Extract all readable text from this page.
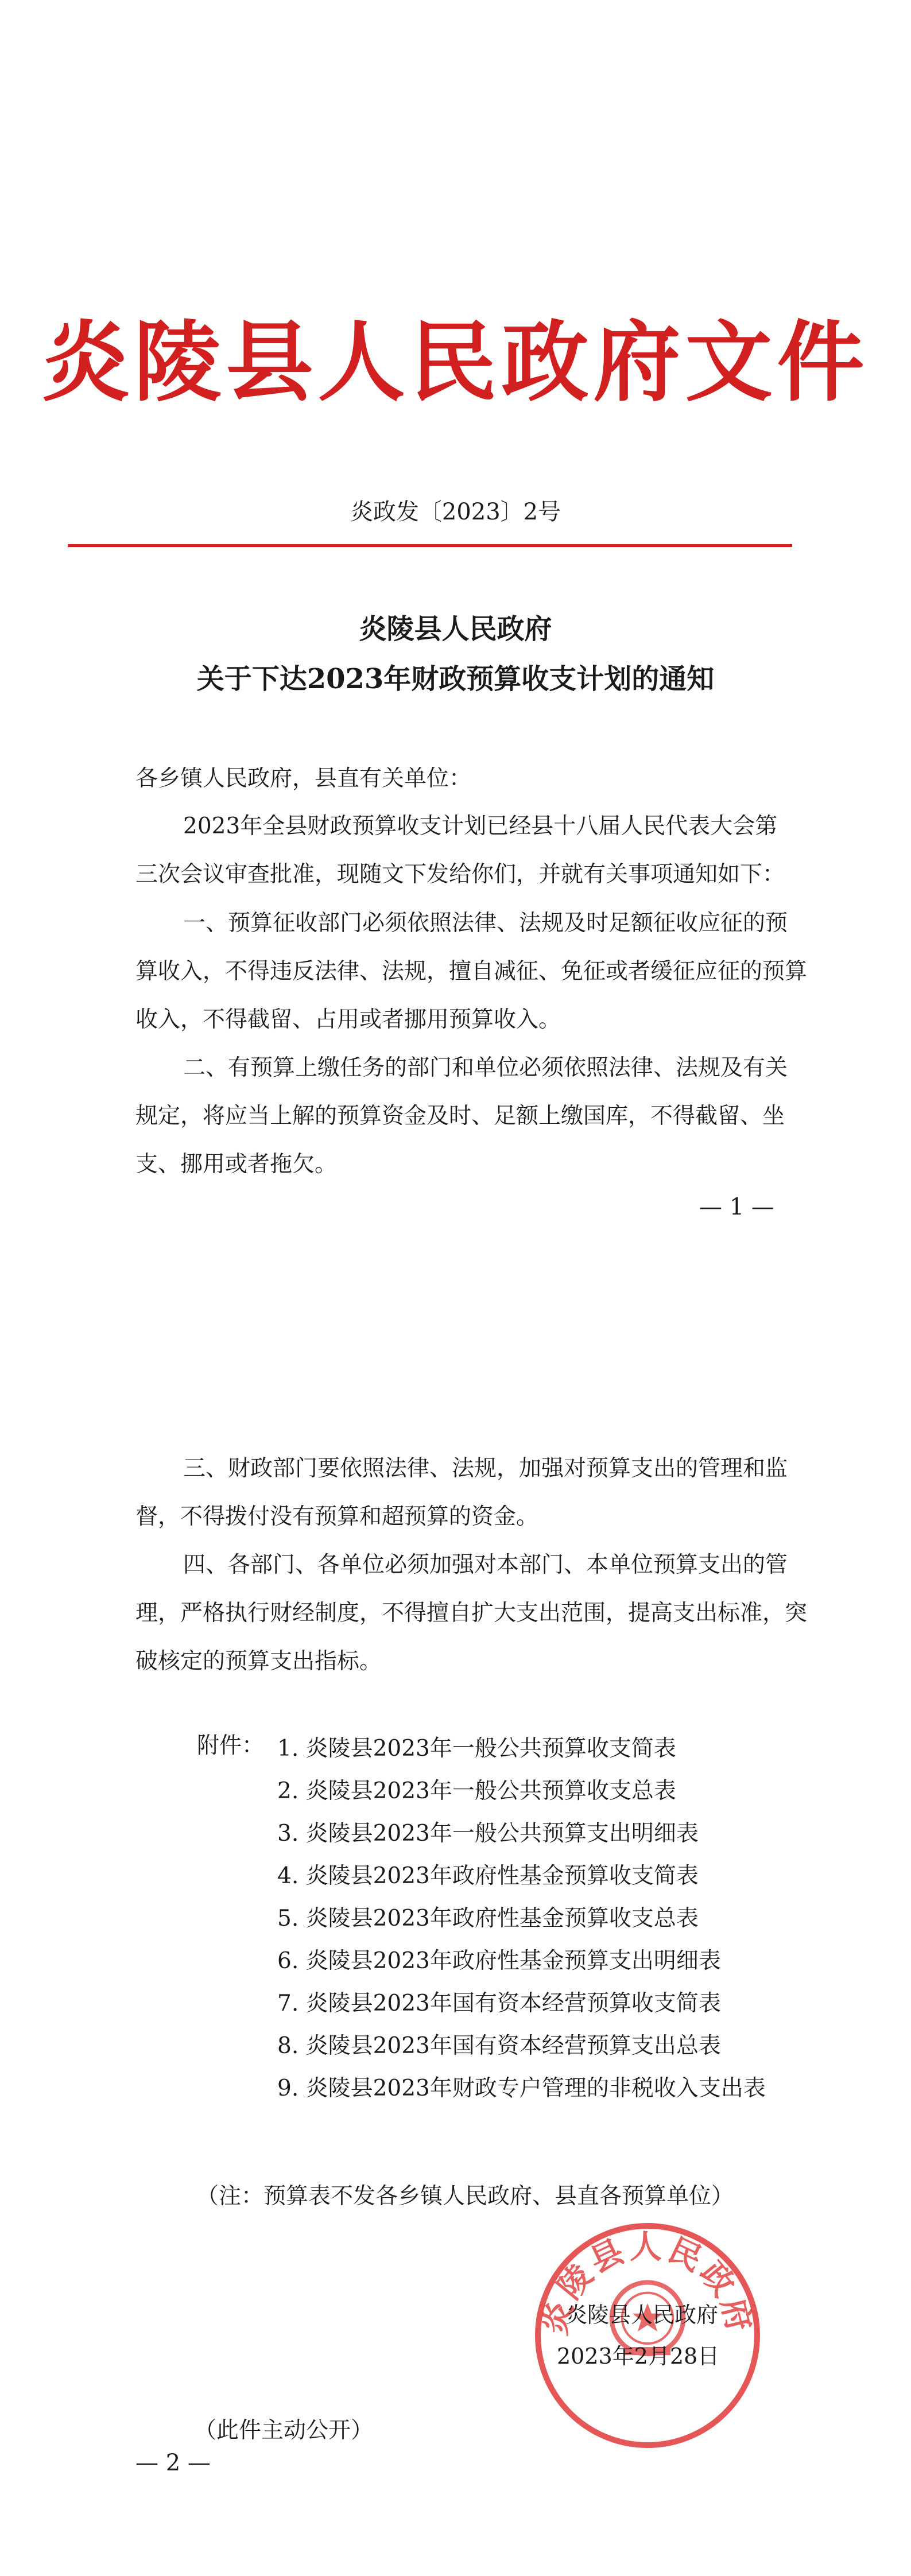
炎陵县人民政府文件
炎政发〔2023〕2号
炎陵县人民政府
关于下达2023年财政预算收支计划的通知
各乡镇人民政府，县直有关单位：
2023年全县财政预算收支计划已经县十八届人民代表大会第
三次会议审查批准，现随文下发给你们，并就有关事项通知如下：
一、预算征收部门必须依照法律、法规及时足额征收应征的预
算收入，不得违反法律、法规，擅自减征、免征或者缓征应征的预算
收入，不得截留、占用或者挪用预算收入。
二、有预算上缴任务的部门和单位必须依照法律、法规及有关
规定，将应当上解的预算资金及时、足额上缴国库，不得截留、坐
支、挪用或者拖欠。
— 1 —
三、财政部门要依照法律、法规，加强对预算支出的管理和监
督，不得拨付没有预算和超预算的资金。
四、各部门、各单位必须加强对本部门、本单位预算支出的管
理，严格执行财经制度，不得擅自扩大支出范围，提高支出标准，突
破核定的预算支出指标。
附件： 1. 炎陵县2023年一般公共预算收支简表
2. 炎陵县2023年一般公共预算收支总表
3. 炎陵县2023年一般公共预算支出明细表
4. 炎陵县2023年政府性基金预算收支简表
5. 炎陵县2023年政府性基金预算收支总表
6. 炎陵县2023年政府性基金预算支出明细表
7. 炎陵县2023年国有资本经营预算收支简表
8. 炎陵县2023年国有资本经营预算支出总表
9. 炎陵县2023年财政专户管理的非税收入支出表
（注：预算表不发各乡镇人民政府、县直各预算单位）
炎陵县人民政府
炎陵县人民政府
2023年2月28日
（此件主动公开）
— 2 —
